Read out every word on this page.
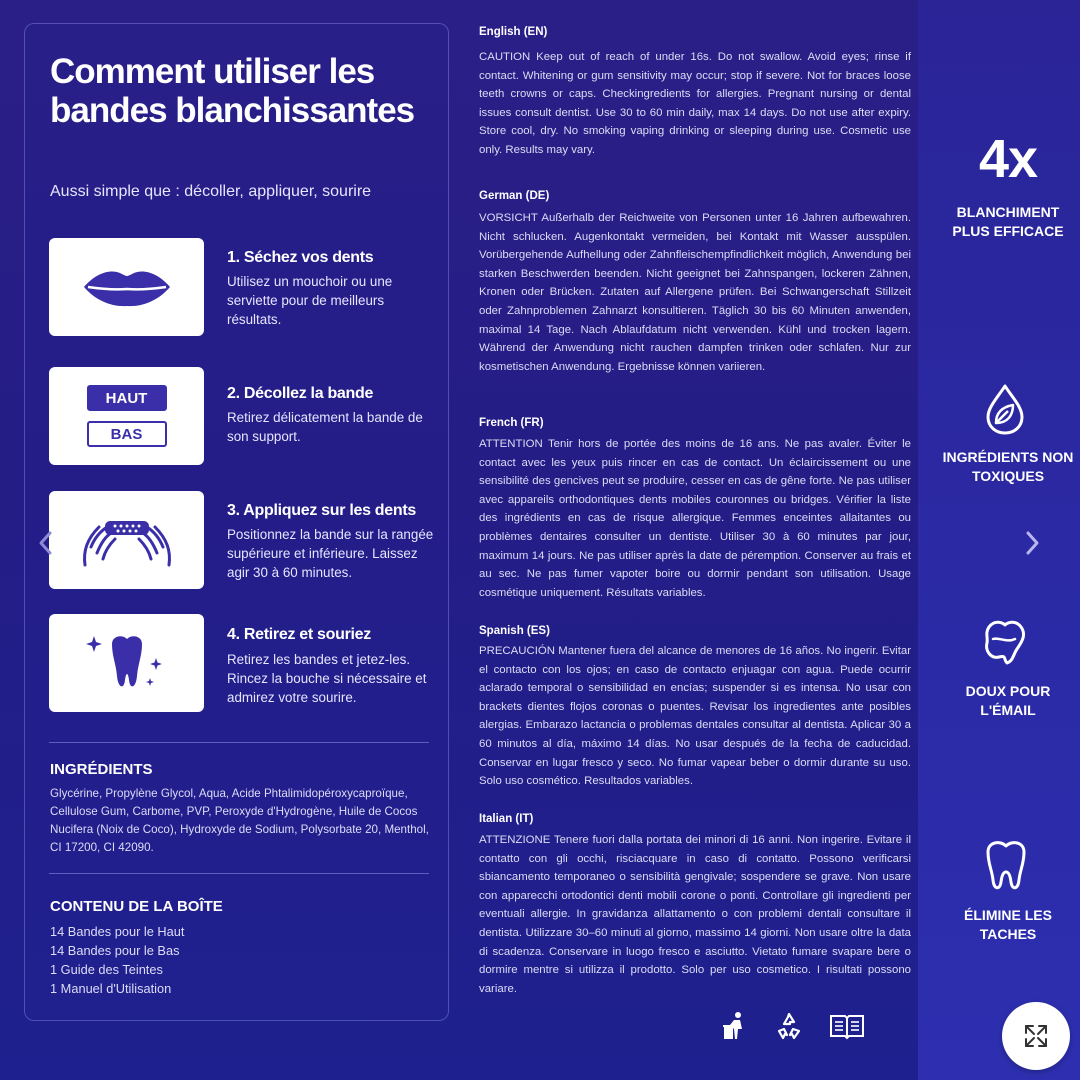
Comment utiliser les bandes blanchissantes
Aussi simple que : décoller, appliquer, sourire
1. Séchez vos dents
Utilisez un mouchoir ou une serviette pour de meilleurs résultats.
HAUT
BAS
2. Décollez la bande
Retirez délicatement la bande de son support.
3. Appliquez sur les dents
Positionnez la bande sur la rangée supérieure et inférieure. Laissez agir 30 à 60 minutes.
4. Retirez et souriez
Retirez les bandes et jetez-les. Rincez la bouche si nécessaire et admirez votre sourire.
INGRÉDIENTS
Glycérine, Propylène Glycol, Aqua, Acide Phtalimidopéroxycaproïque, Cellulose Gum, Carbome, PVP, Peroxyde d'Hydrogène, Huile de Cocos Nucifera (Noix de Coco), Hydroxyde de Sodium, Polysorbate 20, Menthol, CI 17200, CI 42090.
CONTENU DE LA BOÎTE
14 Bandes pour le Haut
14 Bandes pour le Bas
1 Guide des Teintes
1 Manuel d'Utilisation
English (EN)

CAUTION Keep out of reach of under 16s. Do not swallow. Avoid eyes; rinse if contact. Whitening or gum sensitivity may occur; stop if severe. Not for braces loose teeth crowns or caps. Checkingredients for allergies. Pregnant nursing or dental issues consult dentist. Use 30 to 60 min daily, max 14 days. Do not use after expiry. Store cool, dry. No smoking vaping drinking or sleeping during use. Cosmetic use only. Results may vary.

German (DE)

VORSICHT Außerhalb der Reichweite von Personen unter 16 Jahren aufbewahren. Nicht schlucken. Augenkontakt vermeiden, bei Kontakt mit Wasser ausspülen. Vorübergehende Aufhellung oder Zahnfleischempfindlichkeit möglich, Anwendung bei starken Beschwerden beenden. Nicht geeignet bei Zahnspangen, lockeren Zähnen, Kronen oder Brücken. Zutaten auf Allergene prüfen. Bei Schwangerschaft Stillzeit oder Zahnproblemen Zahnarzt konsultieren. Täglich 30 bis 60 Minuten anwenden, maximal 14 Tage. Nach Ablaufdatum nicht verwenden. Kühl und trocken lagern. Während der Anwendung nicht rauchen dampfen trinken oder schlafen. Nur zur kosmetischen Anwendung. Ergebnisse können variieren.

French (FR)

ATTENTION Tenir hors de portée des moins de 16 ans. Ne pas avaler. Éviter le contact avec les yeux puis rincer en cas de contact. Un éclaircissement ou une sensibilité des gencives peut se produire, cesser en cas de gêne forte. Ne pas utiliser avec appareils orthodontiques dents mobiles couronnes ou bridges. Vérifier la liste des ingrédients en cas de risque allergique. Femmes enceintes allaitantes ou problèmes dentaires consulter un dentiste. Utiliser 30 à 60 minutes par jour, maximum 14 jours. Ne pas utiliser après la date de péremption. Conserver au frais et au sec. Ne pas fumer vapoter boire ou dormir pendant son utilisation. Usage cosmétique uniquement. Résultats variables.

Spanish (ES)

PRECAUCIÓN Mantener fuera del alcance de menores de 16 años. No ingerir. Evitar el contacto con los ojos; en caso de contacto enjuagar con agua. Puede ocurrir aclarado temporal o sensibilidad en encías; suspender si es intensa. No usar con brackets dientes flojos coronas o puentes. Revisar los ingredientes ante posibles alergias. Embarazo lactancia o problemas dentales consultar al dentista. Aplicar 30 a 60 minutos al día, máximo 14 días. No usar después de la fecha de caducidad. Conservar en lugar fresco y seco. No fumar vapear beber o dormir durante su uso. Solo uso cosmético. Resultados variables.

Italian (IT)

ATTENZIONE Tenere fuori dalla portata dei minori di 16 anni. Non ingerire. Evitare il contatto con gli occhi, risciacquare in caso di contatto. Possono verificarsi sbiancamento temporaneo o sensibilità gengivale; sospendere se grave. Non usare con apparecchi ortodontici denti mobili corone o ponti. Controllare gli ingredienti per eventuali allergie. In gravidanza allattamento o con problemi dentali consultare il dentista. Utilizzare 30–60 minuti al giorno, massimo 14 giorni. Non usare oltre la data di scadenza. Conservare in luogo fresco e asciutto. Vietato fumare svapare bere o dormire mentre si utilizza il prodotto. Solo per uso cosmetico. I risultati possono variare.

4x
BLANCHIMENT PLUS EFFICACE
INGRÉDIENTS NON TOXIQUES
DOUX POUR L'ÉMAIL
ÉLIMINE LES TACHES
